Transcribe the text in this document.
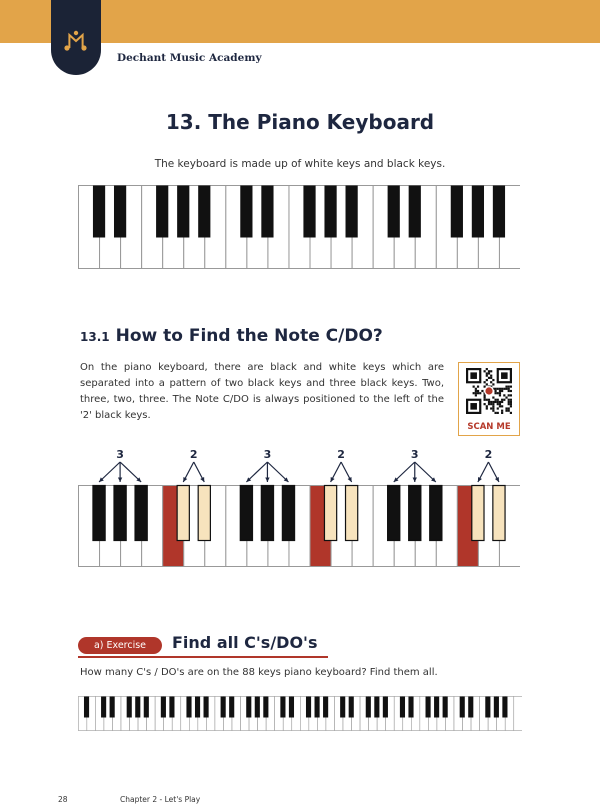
Dechant Music Academy
13. The Piano Keyboard
The keyboard is made up of white keys and black keys.
13.1 How to Find the Note C/DO?

On the piano keyboard, there are black and white keys which are separated into a pattern of two black keys and three black keys. Two, three, two, three. The Note C/DO is always positioned to the left of the '2' black keys.

SCAN ME
3	2	3	2	3	2
a) Exercise	Find all C's/DO's
How many C's / DO's are on the 88 keys piano keyboard? Find them all.
28	Chapter 2 - Let's Play
